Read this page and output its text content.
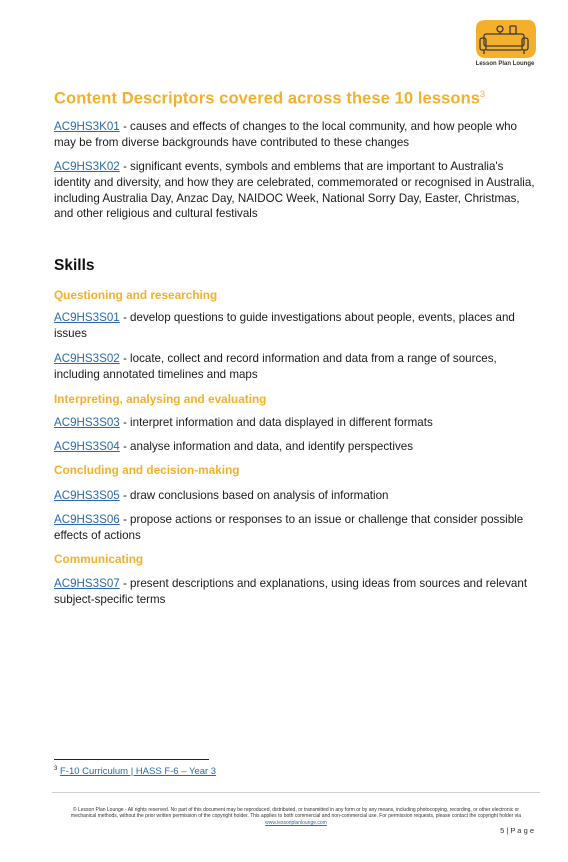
Lesson Plan Lounge
Content Descriptors covered across these 10 lessons$^3$

AC9HS3K01 - causes and effects of changes to the local community, and how people who may be from diverse backgrounds have contributed to these changes

AC9HS3K02 - significant events, symbols and emblems that are important to Australia's identity and diversity, and how they are celebrated, commemorated or recognised in Australia, including Australia Day, Anzac Day, NAIDOC Week, National Sorry Day, Easter, Christmas, and other religious and cultural festivals

Skills
Questioning and researching

AC9HS3S01 - develop questions to guide investigations about people, events, places and issues

AC9HS3S02 - locate, collect and record information and data from a range of sources, including annotated timelines and maps

Interpreting, analysing and evaluating

AC9HS3S03 - interpret information and data displayed in different formats

AC9HS3S04 - analyse information and data, and identify perspectives

Concluding and decision-making

AC9HS3S05 - draw conclusions based on analysis of information

AC9HS3S06 - propose actions or responses to an issue or challenge that consider possible effects of actions

Communicating

AC9HS3S07 - present descriptions and explanations, using ideas from sources and relevant subject-specific terms

$^3$ F-10 Curriculum | HASS F-6 – Year 3
© Lesson Plan Lounge - All rights reserved. No part of this document may be reproduced, distributed, or transmitted in any form or by any means, including photocopying, recording, or other electronic or
mechanical methods, without the prior written permission of the copyright holder. This applies to both commercial and non-commercial use. For permission requests, please contact the copyright holder via
www.lessonplanlounge.com
5 | P a g e
